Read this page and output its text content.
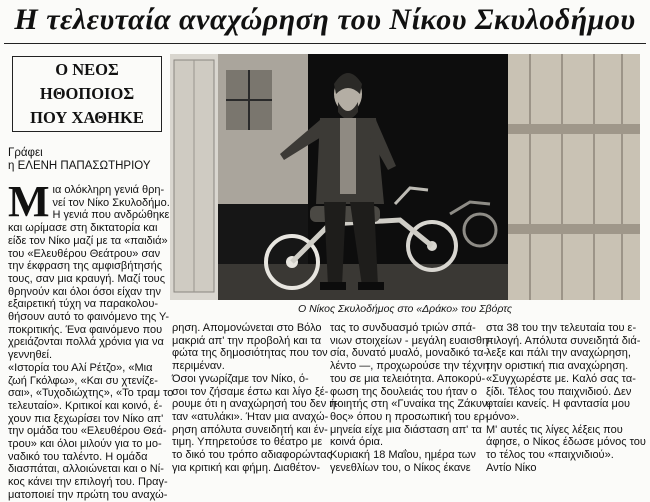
Η τελευταία αναχώρηση του Νίκου Σκυλοδήμου
Ο ΝΕΟΣ
ΗΘΟΠΟΙΟΣ
ΠΟΥ ΧΑΘΗΚΕ
Γράφει
η ΕΛΕΝΗ ΠΑΠΑΣΩΤΗΡΙΟΥ
Ο Νίκος Σκυλοδήμος στο «Δράκο» του Σβόρτς
Μ ια ολόκληρη γενιά θρη-
νεί τον Νίκο Σκυλοδήμο.
Η γενιά που ανδρώθηκε
και ωρίμασε στη δικτατορία και
είδε τον Νίκο μαζί με τα «παιδιά»
του «Ελευθέρου Θεάτρου» σαν
την έκφραση της αμφισβήτησής
τους, σαν μια κραυγή. Μαζί τους
θρηνούν και όλοι όσοι είχαν την
εξαιρετική τύχη να παρακολου-
θήσουν αυτό το φαινόμενο της Υ-
ποκριτικής. Ένα φαινόμενο που
χρειάζονται πολλά χρόνια για να
γεννηθεί.
«Ιστορία του Αλί Ρέτζο», «Μια
ζωή Γκόλφω», «Και συ χτενίζε-
σαι», «Τυχοδιώχτης», «Το τραμ το
τελευταίο». Κριτικοί και κοινό, έ-
χουν πια ξεχωρίσει τον Νίκο απ'
την ομάδα του «Ελευθέρου Θεά-
τρου» και όλοι μιλούν για το μο-
ναδικό του ταλέντο. Η ομάδα
διασπάται, αλλοιώνεται και ο Νί-
κος κάνει την επιλογή του. Πραγ-
ματοποιεί την πρώτη του αναχώ-
ρηση. Απομονώνεται στο Βόλο
μακριά απ' την προβολή και τα
φώτα της δημοσιότητας που τον
περιμέναν.
Όσοι γνωρίζαμε τον Νίκο, ό-
σοι τον ζήσαμε έστω και λίγο ξέ-
ρουμε ότι η αναχώρησή του δεν ή-
ταν «ατυλάκι». Ήταν μια αναχώ-
ρηση απόλυτα συνειδητή και έν-
τιμη. Υπηρετούσε το θέατρο με
το δικό του τρόπο αδιαφορώντας
για κριτική και φήμη. Διαθέτον-
τας το συνδυασμό τριών σπά-
νιων στοιχείων - μεγάλη ευαισθη-
σία, δυνατό μυαλό, μοναδικό τα-
λέντο —, προχωρούσε την τέχνη
του σε μια τελειότητα. Αποκορύ-
φωση της δουλειάς του ήταν ο
ποιητής στη «Γυναίκα της Ζάκυν-
θος» όπου η προσωπική του ερ-
μηνεία είχε μια διάσταση απ' τα
κοινά όρια.
Κυριακή 18 Μαΐου, ημέρα των
γενεθλίων του, ο Νίκος έκανε
στα 38 του την τελευταία του ε-
πιλογή. Απόλυτα συνειδητά διά-
λεξε και πάλι την αναχώρηση,
την οριστική πια αναχώρηση.
«Συγχωρέστε με. Καλό σας τα-
ξίδι. Τέλος του παιχνιδιού. Δεν
φταίει κανείς. Η φαντασία μου
μόνο».
Μ' αυτές τις λίγες λέξεις που
άφησε, ο Νίκος έδωσε μόνος του
το τέλος του «παιχνιδιού».
Αντίο Νίκο
